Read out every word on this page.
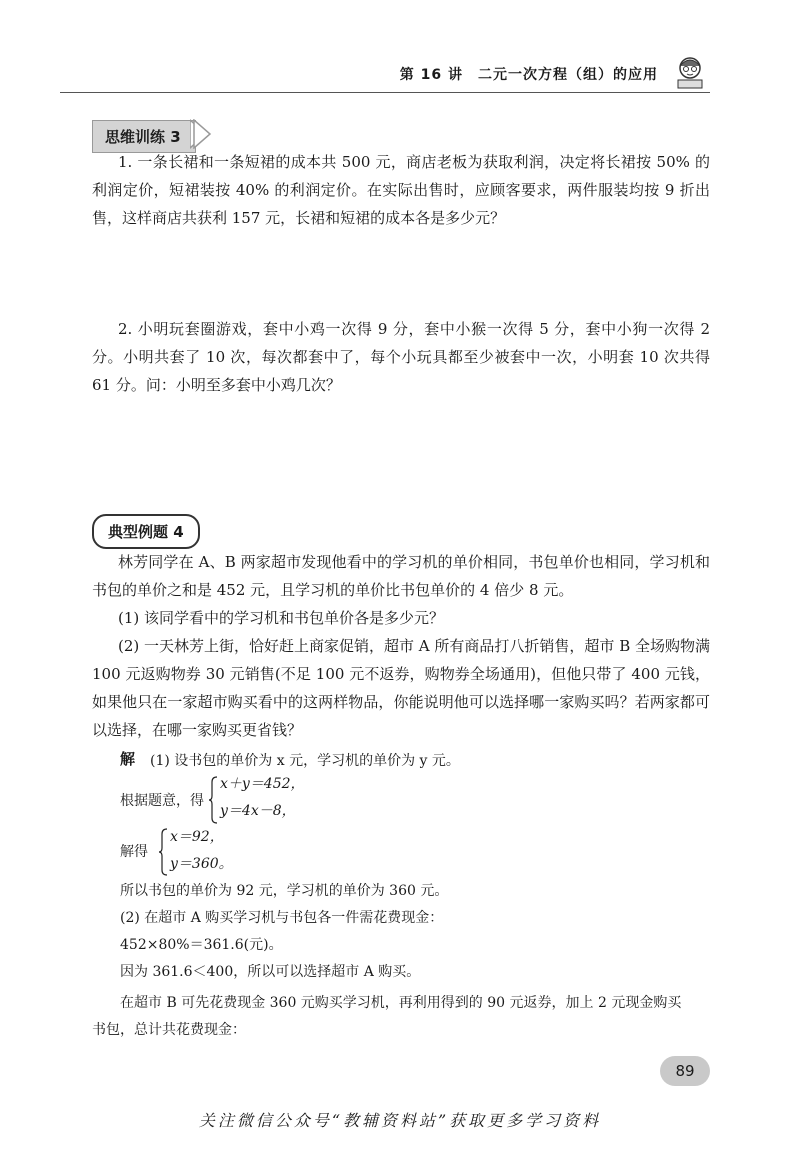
第 16 讲　二元一次方程（组）的应用
思维训练 3
1. 一条长裙和一条短裙的成本共 500 元，商店老板为获取利润，决定将长裙按 50% 的利润定价，短裙装按 40% 的利润定价。在实际出售时，应顾客要求，两件服装均按 9 折出售，这样商店共获利 157 元，长裙和短裙的成本各是多少元？
2. 小明玩套圈游戏，套中小鸡一次得 9 分，套中小猴一次得 5 分，套中小狗一次得 2 分。小明共套了 10 次，每次都套中了，每个小玩具都至少被套中一次，小明套 10 次共得 61 分。问：小明至多套中小鸡几次？
典型例题 4

林芳同学在 A、B 两家超市发现他看中的学习机的单价相同，书包单价也相同，学习机和书包的单价之和是 452 元，且学习机的单价比书包单价的 4 倍少 8 元。

(1) 该同学看中的学习机和书包单价各是多少元？

(2) 一天林芳上街，恰好赶上商家促销，超市 A 所有商品打八折销售，超市 B 全场购物满 100 元返购物券 30 元销售(不足 100 元不返券，购物券全场通用)，但他只带了 400 元钱，如果他只在一家超市购买看中的这两样物品，你能说明他可以选择哪一家购买吗？若两家都可以选择，在哪一家购买更省钱？

解 (1) 设书包的单价为 x 元，学习机的单价为 y 元。
根据题意，得
x＋y＝452，
y＝4x－8，
解得
x＝92，
y＝360。
所以书包的单价为 92 元，学习机的单价为 360 元。
(2) 在超市 A 购买学习机与书包各一件需花费现金：
452×80%＝361.6(元)。
因为 361.6＜400，所以可以选择超市 A 购买。
在超市 B 可先花费现金 360 元购买学习机，再利用得到的 90 元返券，加上 2 元现金购买
书包，总计共花费现金：
89
关注微信公众号“教辅资料站”获取更多学习资料
